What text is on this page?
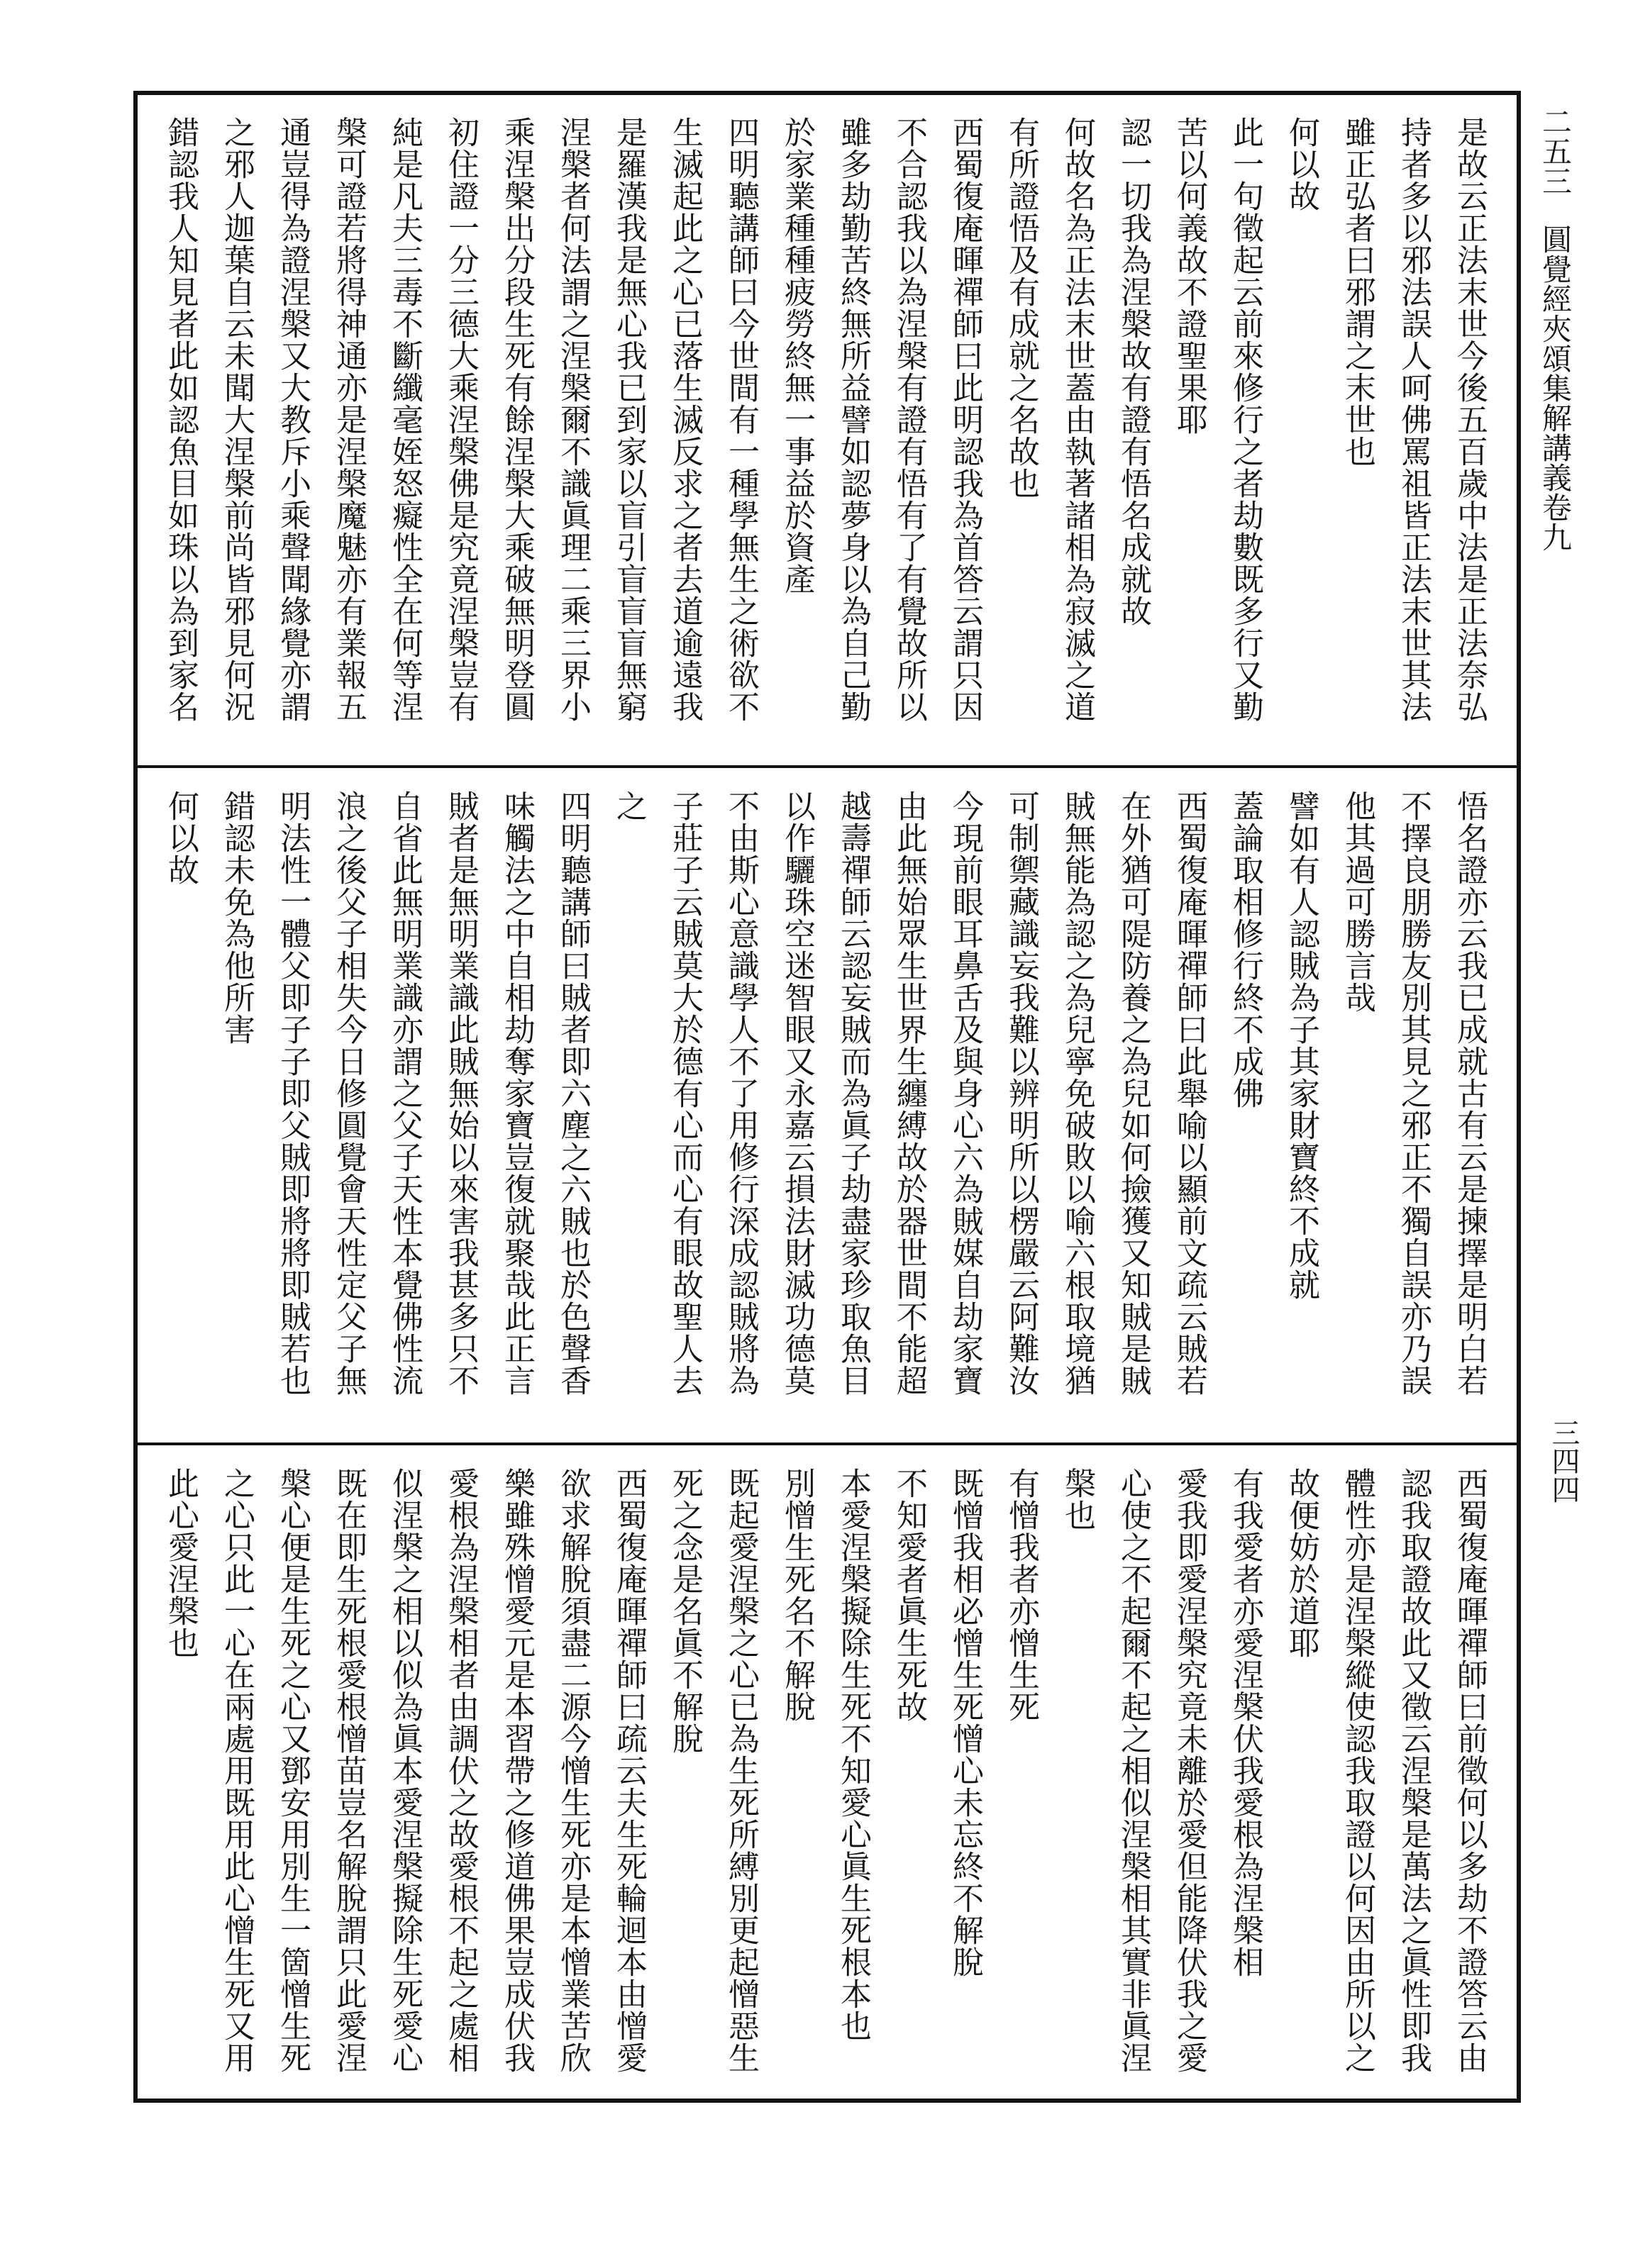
二五三圓覺經夾頌集解講義卷九
三四四
是故云正法末世今後五百歲中法是正法奈弘
持者多以邪法誤人呵佛罵祖皆正法末世其法
雖正弘者曰邪謂之末世也
何以故
此一句徵起云前來修行之者劫數既多行又勤
苦以何義故不證聖果耶
認一切我為涅槃故有證有悟名成就故
何故名為正法末世蓋由執著諸相為寂滅之道
有所證悟及有成就之名故也
西蜀復庵暉禪師曰此明認我為首答云謂只因
不合認我以為涅槃有證有悟有了有覺故所以
雖多劫勤苦終無所益譬如認夢身以為自己勤
於家業種種疲勞終無一事益於資產
四明聽講師曰今世間有一種學無生之術欲不
生滅起此之心已落生滅反求之者去道逾遠我
是羅漢我是無心我已到家以盲引盲盲盲無窮
涅槃者何法謂之涅槃爾不識眞理二乘三界小
乘涅槃出分段生死有餘涅槃大乘破無明登圓
初住證一分三德大乘涅槃佛是究竟涅槃豈有
純是凡夫三毒不斷纖毫姪怒癡性全在何等涅
槃可證若將得神通亦是涅槃魔魅亦有業報五
通豈得為證涅槃又大教斥小乘聲聞緣覺亦謂
之邪人迦葉自云未聞大涅槃前尚皆邪見何況
錯認我人知見者此如認魚目如珠以為到家名
悟名證亦云我已成就古有云是揀擇是明白若
不擇良朋勝友別其見之邪正不獨自誤亦乃誤
他其過可勝言哉
譬如有人認賊為子其家財寶終不成就
蓋論取相修行終不成佛
西蜀復庵暉禪師曰此舉喻以顯前文疏云賊若
在外猶可隄防養之為兒如何撿獲又知賊是賊
賊無能為認之為兒寧免破敗以喻六根取境猶
可制禦藏識妄我難以辨明所以楞嚴云阿難汝
今現前眼耳鼻舌及與身心六為賊媒自劫家寶
由此無始眾生世界生纏縛故於器世間不能超
越壽禪師云認妄賊而為眞子劫盡家珍取魚目
以作驪珠空迷智眼又永嘉云損法財滅功德莫
不由斯心意識學人不了用修行深成認賊將為
子莊子云賊莫大於德有心而心有眼故聖人去
之
四明聽講師曰賊者即六塵之六賊也於色聲香
味觸法之中自相劫奪家寶豈復就聚哉此正言
賊者是無明業識此賊無始以來害我甚多只不
自省此無明業識亦謂之父子天性本覺佛性流
浪之後父子相失今日修圓覺會天性定父子無
明法性一體父即子子即父賊即將將即賊若也
錯認未免為他所害
何以故
西蜀復庵暉禪師曰前徵何以多劫不證答云由
認我取證故此又徵云涅槃是萬法之眞性即我
體性亦是涅槃縱使認我取證以何因由所以之
故便妨於道耶
有我愛者亦愛涅槃伏我愛根為涅槃相
愛我即愛涅槃究竟未離於愛但能降伏我之愛
心使之不起爾不起之相似涅槃相其實非眞涅
槃也
有憎我者亦憎生死
既憎我相必憎生死憎心未忘終不解脫
不知愛者眞生死故
本愛涅槃擬除生死不知愛心眞生死根本也
別憎生死名不解脫
既起愛涅槃之心已為生死所縛別更起憎惡生
死之念是名眞不解脫
西蜀復庵暉禪師曰疏云夫生死輪迴本由憎愛
欲求解脫須盡二源今憎生死亦是本憎業苦欣
樂雖殊憎愛元是本習帶之修道佛果豈成伏我
愛根為涅槃相者由調伏之故愛根不起之處相
似涅槃之相以似為眞本愛涅槃擬除生死愛心
既在即生死根愛根憎苗豈名解脫謂只此愛涅
槃心便是生死之心又鄧安用別生一箇憎生死
之心只此一心在兩處用既用此心憎生死又用
此心愛涅槃也
